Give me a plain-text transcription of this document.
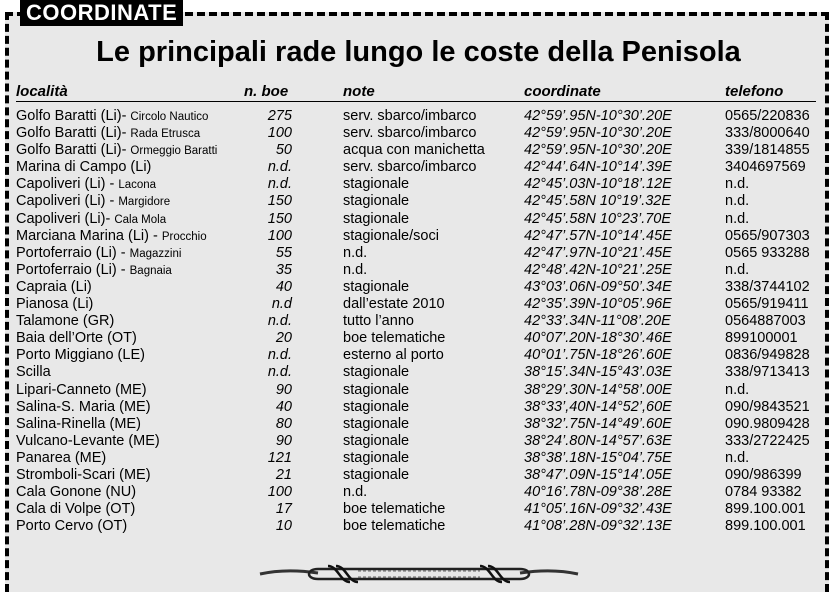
COORDINATE
Le principali rade lungo le coste della Penisola
località	n. boe	note	coordinate	telefono
Golfo Baratti (Li)- Circolo Nautico	275	serv. sbarco/imbarco	42°59’.95N-10°30’.20E	0565/220836
Golfo Baratti (Li)- Rada Etrusca	100	serv. sbarco/imbarco	42°59’.95N-10°30’.20E	333/8000640
Golfo Baratti (Li)- Ormeggio Baratti	50	acqua con manichetta	42°59’.95N-10°30’.20E	339/1814855
Marina di Campo (Li)	n.d.	serv. sbarco/imbarco	42°44’.64N-10°14’.39E	3404697569
Capoliveri (Li) - Lacona	n.d.	stagionale	42°45’.03N-10°18’.12E	n.d.
Capoliveri (Li) - Margidore	150	stagionale	42°45’.58N 10°19’.32E	n.d.
Capoliveri (Li)- Cala Mola	150	stagionale	42°45’.58N 10°23’.70E	n.d.
Marciana Marina (Li) - Procchio	100	stagionale/soci	42°47’.57N-10°14’.45E	0565/907303
Portoferraio (Li) - Magazzini	55	n.d.	42°47’.97N-10°21’.45E	0565 933288
Portoferraio (Li) - Bagnaia	35	n.d.	42°48’.42N-10°21’.25E	n.d.
Capraia (Li)	40	stagionale	43°03’.06N-09°50’.34E	338/3744102
Pianosa (Li)	n.d	dall’estate 2010	42°35’.39N-10°05’.96E	0565/919411
Talamone (GR)	n.d.	tutto l’anno	42°33’.34N-11°08’.20E	0564887003
Baia dell’Orte (OT)	20	boe telematiche	40°07’.20N-18°30’.46E	899100001
Porto Miggiano (LE)	n.d.	esterno al porto	40°01’.75N-18°26’.60E	0836/949828
Scilla	n.d.	stagionale	38°15’.34N-15°43’.03E	338/9713413
Lipari-Canneto (ME)	90	stagionale	38°29’.30N-14°58’.00E	n.d.
Salina-S. Maria (ME)	40	stagionale	38°33’,40N-14°52’,60E	090/9843521
Salina-Rinella (ME)	80	stagionale	38°32’.75N-14°49’.60E	090.9809428
Vulcano-Levante (ME)	90	stagionale	38°24’.80N-14°57’.63E	333/2722425
Panarea (ME)	121	stagionale	38°38’.18N-15°04’.75E	n.d.
Stromboli-Scari (ME)	21	stagionale	38°47’.09N-15°14’.05E	090/986399
Cala Gonone (NU)	100	n.d.	40°16’.78N-09°38’.28E	0784 93382
Cala di Volpe (OT)	17	boe telematiche	41°05’.16N-09°32’.43E	899.100.001
Porto Cervo (OT)	10	boe telematiche	41°08’.28N-09°32’.13E	899.100.001
